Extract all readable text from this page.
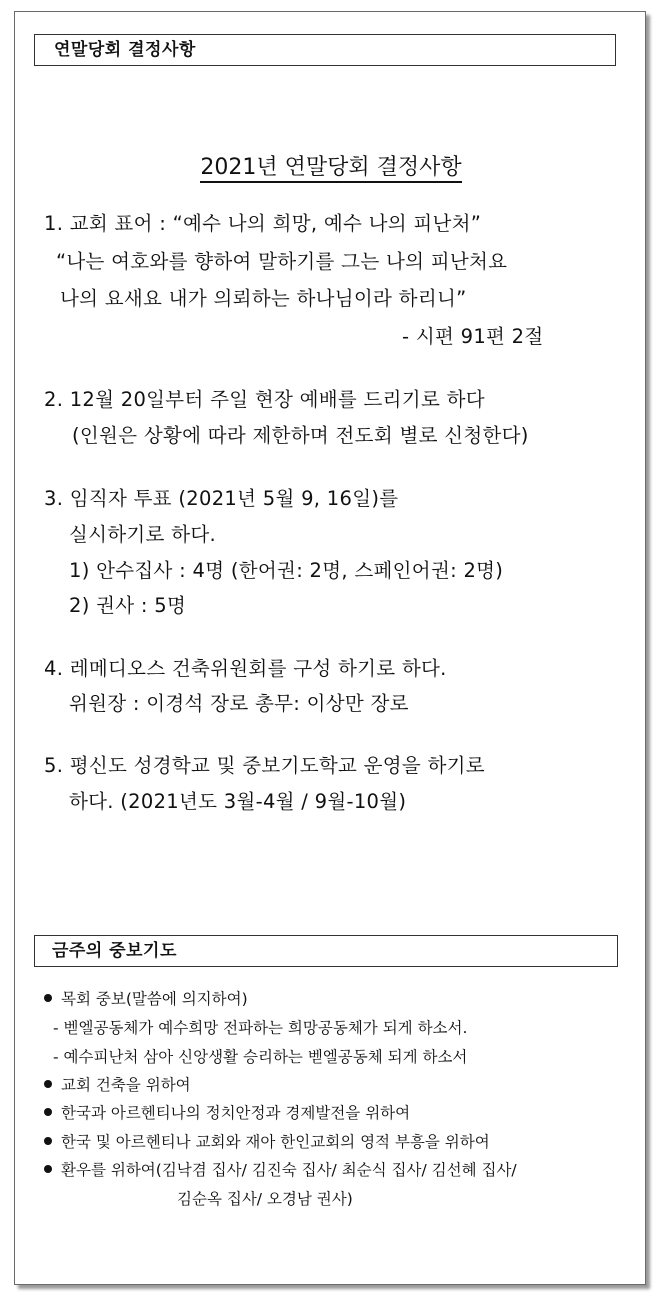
연말당회 결정사항
2021년 연말당회 결정사항
1. 교회 표어 : “예수 나의 희망, 예수 나의 피난처”
“나는 여호와를 향하여 말하기를 그는 나의 피난처요
나의 요새요 내가 의뢰하는 하나님이라 하리니”
- 시편 91편 2절
2. 12월 20일부터 주일 현장 예배를 드리기로 하다
(인원은 상황에 따라 제한하며 전도회 별로 신청한다)
3. 임직자 투표 (2021년 5월 9, 16일)를
실시하기로 하다.
1) 안수집사 : 4명 (한어권: 2명, 스페인어권: 2명)
2) 권사 : 5명
4. 레메디오스 건축위원회를 구성 하기로 하다.
위원장 : 이경석 장로 총무: 이상만 장로
5. 평신도 성경학교 및 중보기도학교 운영을 하기로
하다. (2021년도 3월-4월 / 9월-10월)
금주의 중보기도
목회 중보(말씀에 의지하여)
- 벧엘공동체가 예수희망 전파하는 희망공동체가 되게 하소서.
- 예수피난처 삼아 신앙생활 승리하는 벧엘공동체 되게 하소서
교회 건축을 위하여
한국과 아르헨티나의 정치안정과 경제발전을 위하여
한국 및 아르헨티나 교회와 재아 한인교회의 영적 부흥을 위하여
환우를 위하여(김낙겸 집사/ 김진숙 집사/ 최순식 집사/ 김선혜 집사/
김순옥 집사/ 오경남 권사)
